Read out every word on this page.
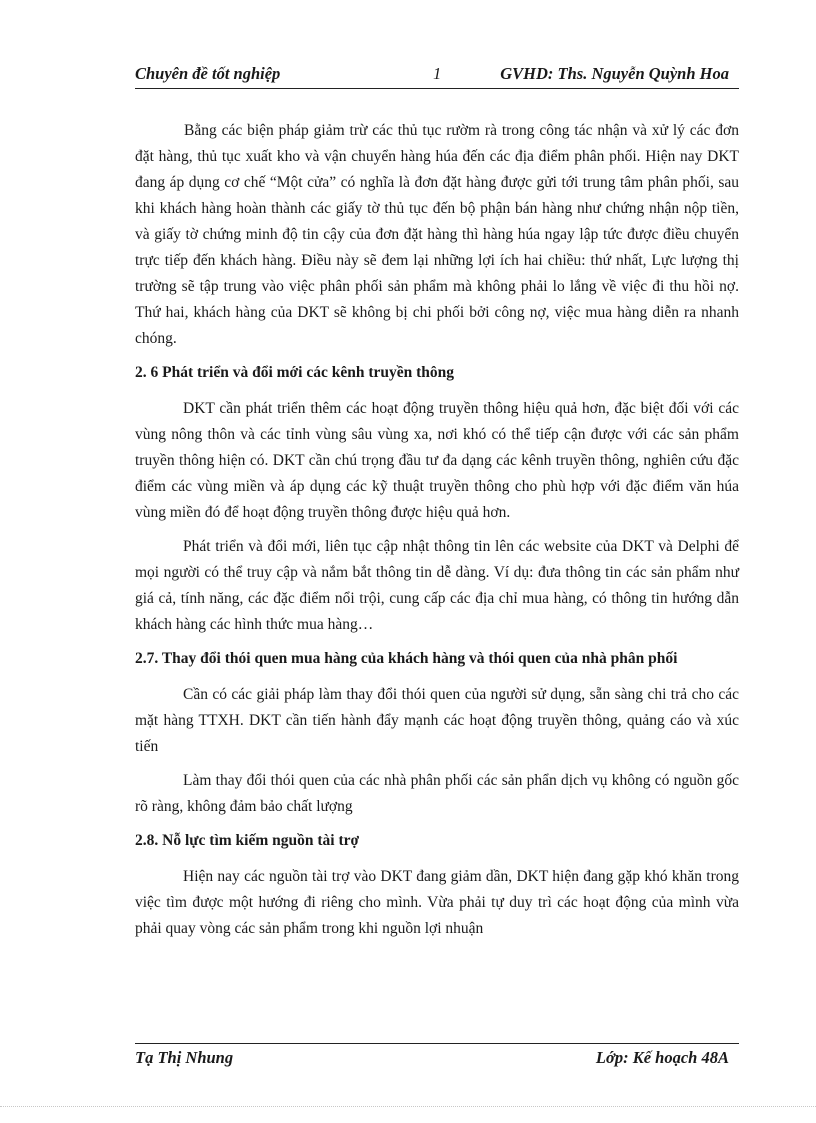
Chuyên đề tốt nghiệp	1	GVHD: Ths. Nguyễn Quỳnh Hoa

Bằng các biện pháp giảm trừ các thủ tục rườm rà trong công tác nhận và xử lý các đơn đặt hàng, thủ tục xuất kho và vận chuyển hàng húa đến các địa điểm phân phối. Hiện nay DKT đang áp dụng cơ chế “Một cửa” có nghĩa là đơn đặt hàng được gửi tới trung tâm phân phối, sau khi khách hàng hoàn thành các giấy tờ thủ tục đến bộ phận bán hàng như chứng nhận nộp tiền, và giấy tờ chứng minh độ tin cậy của đơn đặt hàng thì hàng húa ngay lập tức được điều chuyển trực tiếp đến khách hàng. Điều này sẽ đem lại những lợi ích hai chiều: thứ nhất, Lực lượng thị trường sẽ tập trung vào việc phân phối sản phẩm mà không phải lo lắng về việc đi thu hồi nợ. Thứ hai, khách hàng của DKT sẽ không bị chi phối bởi công nợ, việc mua hàng diễn ra nhanh chóng.

2. 6 Phát triển và đổi mới các kênh truyền thông

DKT cần phát triển thêm các hoạt động truyền thông hiệu quả hơn, đặc biệt đối với các vùng nông thôn và các tỉnh vùng sâu vùng xa, nơi khó có thể tiếp cận được với các sản phẩm truyền thông hiện có. DKT cần chú trọng đầu tư đa dạng các kênh truyền thông, nghiên cứu đặc điểm các vùng miền và áp dụng các kỹ thuật truyền thông cho phù hợp với đặc điểm văn húa vùng miền đó để hoạt động truyền thông được hiệu quả hơn.

Phát triển và đổi mới, liên tục cập nhật thông tin lên các website của DKT và Delphi để mọi người có thể truy cập và nắm bắt thông tin dễ dàng. Ví dụ: đưa thông tin các sản phẩm như giá cả, tính năng, các đặc điểm nổi trội, cung cấp các địa chỉ mua hàng, có thông tin hướng dẫn khách hàng các hình thức mua hàng…

2.7. Thay đổi thói quen mua hàng của khách hàng và thói quen của nhà phân phối

Cần có các giải pháp làm thay đổi thói quen của người sử dụng, sẵn sàng chi trả cho các mặt hàng TTXH. DKT cần tiến hành đẩy mạnh các hoạt động truyền thông, quảng cáo và xúc tiến

Làm thay đổi thói quen của các nhà phân phối các sản phẩn dịch vụ không có nguồn gốc rõ ràng, không đảm bảo chất lượng

2.8. Nỗ lực tìm kiếm nguồn tài trợ

Hiện nay các nguồn tài trợ vào DKT đang giảm dần, DKT hiện đang gặp khó khăn trong việc tìm được một hướng đi riêng cho mình. Vừa phải tự duy trì các hoạt động của mình vừa phải quay vòng các sản phẩm trong khi nguồn lợi nhuận

Tạ Thị Nhung	Lớp: Kế hoạch 48A
